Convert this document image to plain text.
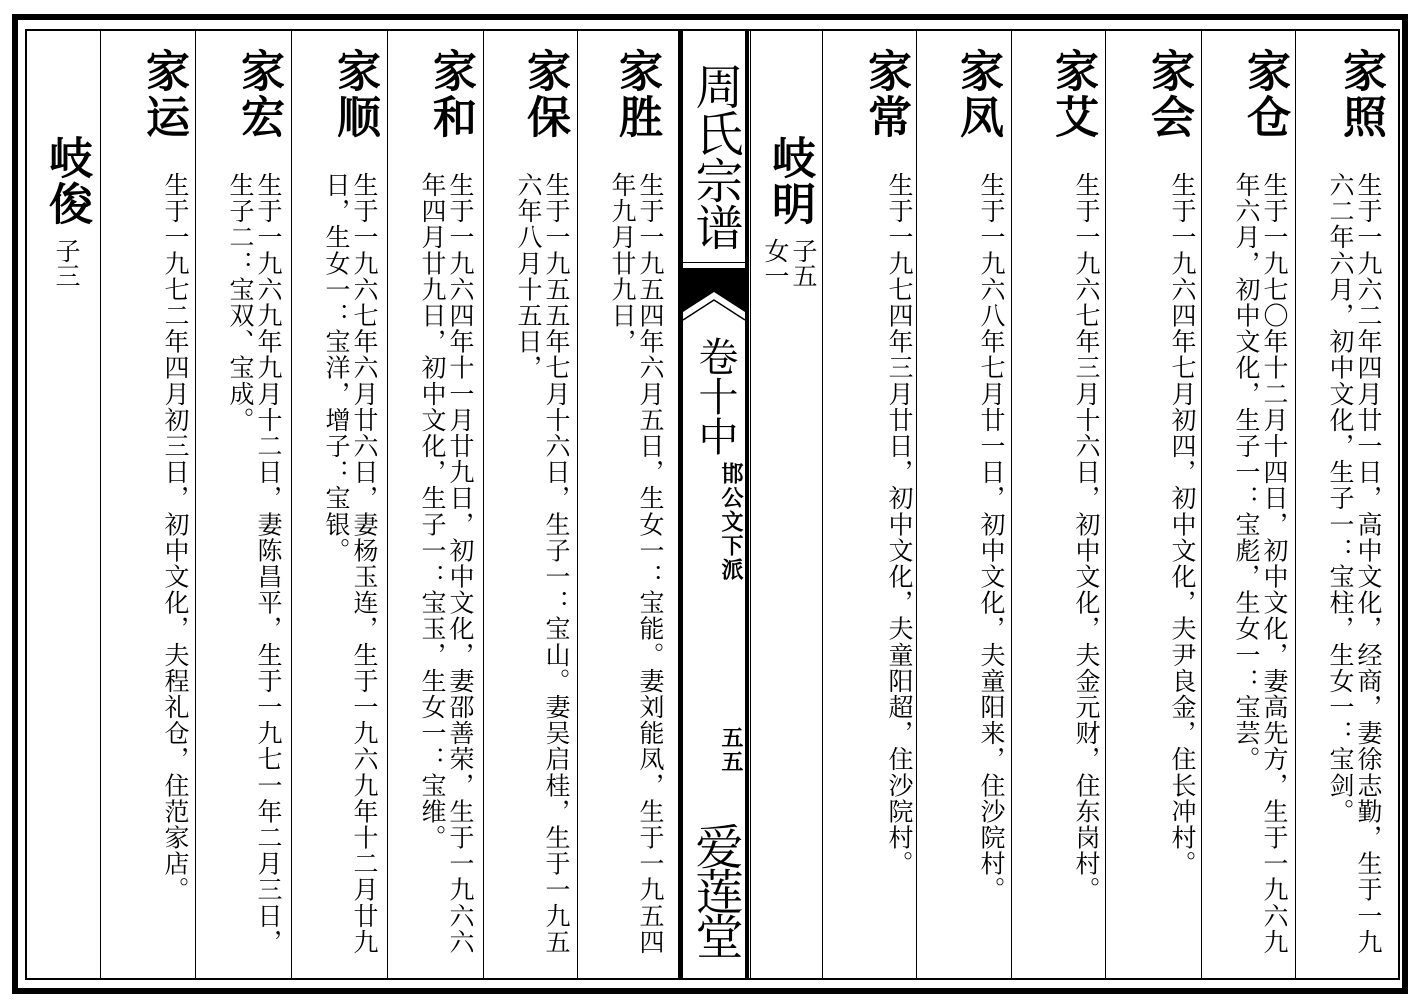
周氏宗谱
卷十中
邯公文下派
五五
爱莲堂
岐俊
子三
家胜
生于一九五四年六月五日，生女一：宝能。妻刘能凤，生于一九五四年九月廿九日，
家保
生于一九五五年七月十六日，生子一：宝山。妻吴启桂，生于一九五六年八月十五日，
家和
生于一九六四年十一月廿九日，初中文化，妻邵善荣，生于一九六六年四月廿九日，初中文化，生子一：宝玉，生女一：宝维。
家顺
生于一九六七年六月廿六日，妻杨玉连，生于一九六九年十二月廿九日，生女一：宝洋，增子：宝银。
家宏
生于一九六九年九月十二日，妻陈昌平，生于一九七一年二月三日，生子二：宝双、宝成。
家运
生于一九七二年四月初三日，初中文化，夫程礼仓，住范家店。	岐明
子五
女一
家照
生于一九六二年四月廿一日，高中文化，经商，妻徐志勤，生于一九六二年六月，初中文化，生子一：宝柱，生女一：宝剑。
家仓
生于一九七〇年十二月十四日，初中文化，妻高先方，生于一九六九年六月，初中文化，生子一：宝彪，生女一：宝芸。
家会
生于一九六四年七月初四，初中文化，夫尹良金，住长冲村。
家艾
生于一九六七年三月十六日，初中文化，夫金元财，住东岗村。
家凤
生于一九六八年七月廿一日，初中文化，夫童阳来，住沙院村。
家常
生于一九七四年三月廿日，初中文化，夫童阳超，住沙院村。
